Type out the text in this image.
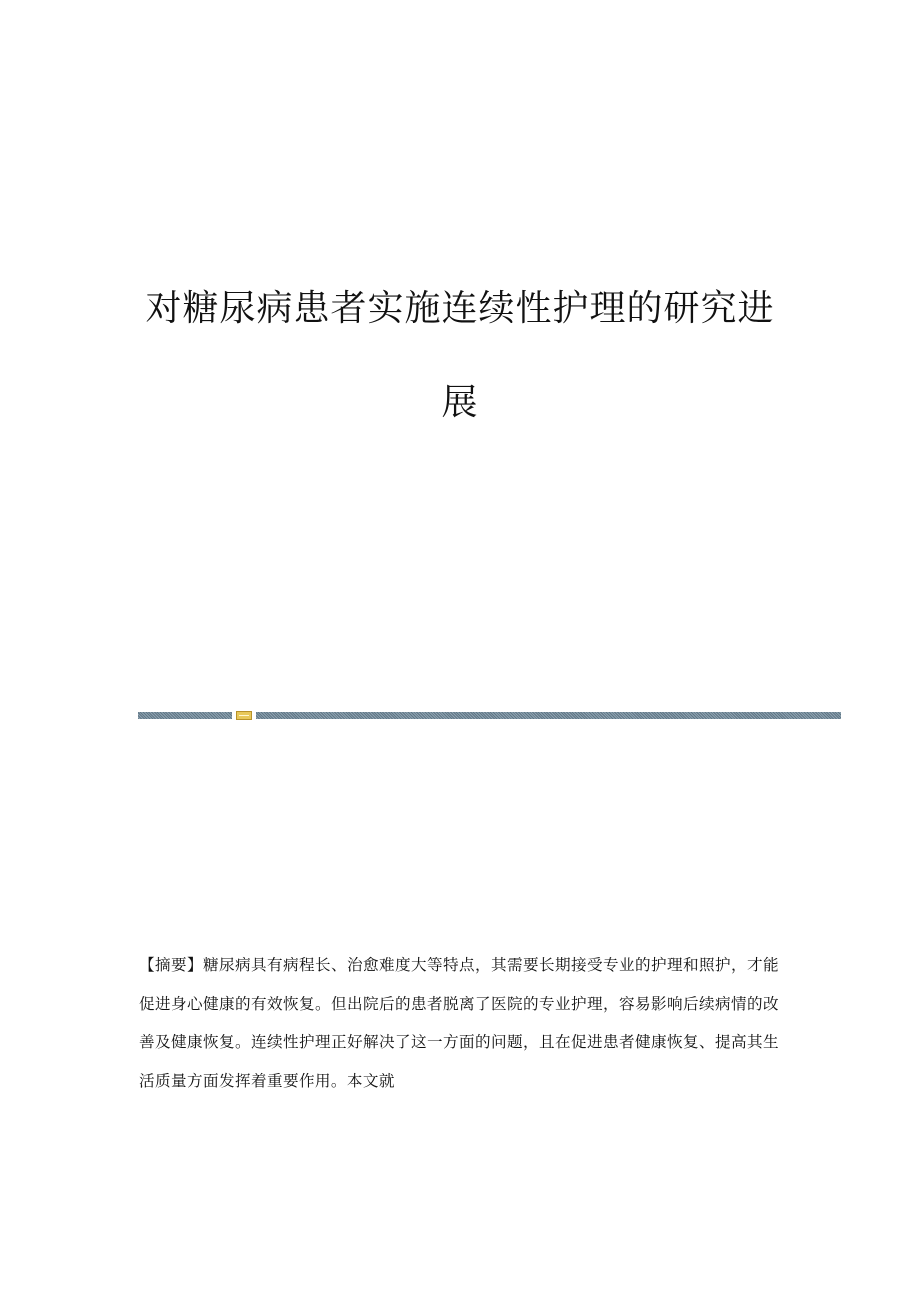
对糖尿病患者实施连续性护理的研究进
展

【摘要】糖尿病具有病程长、治愈难度大等特点，其需要长期接受专业的护理和照护，才能促进身心健康的有效恢复。但出院后的患者脱离了医院的专业护理，容易影响后续病情的改善及健康恢复。连续性护理正好解决了这一方面的问题，且在促进患者健康恢复、提高其生活质量方面发挥着重要作用。本文就
